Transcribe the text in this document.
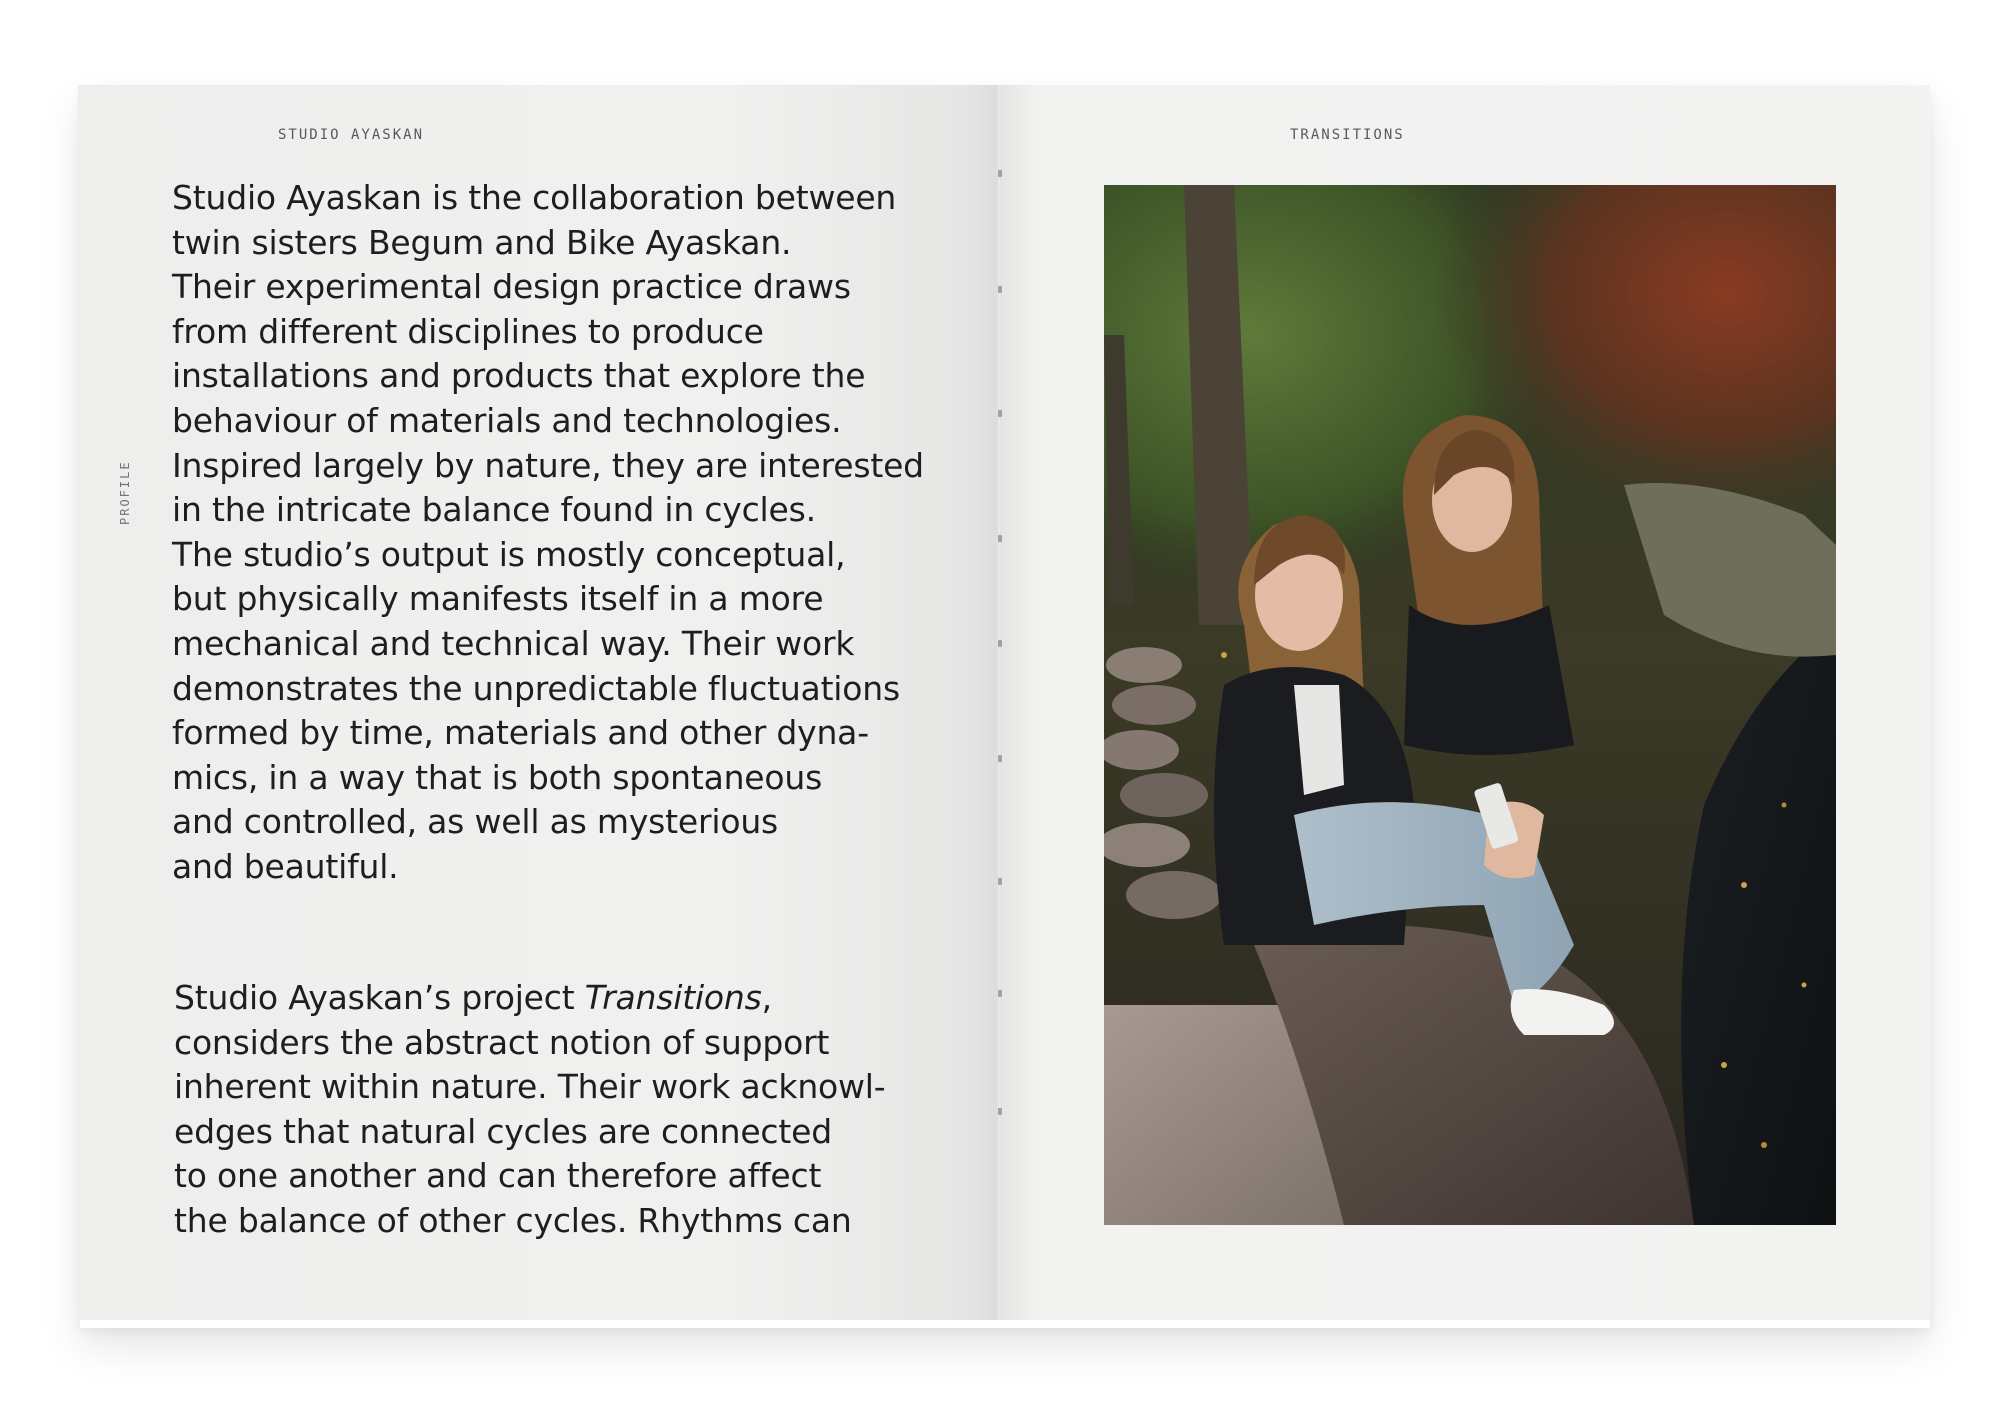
STUDIO AYASKAN	TRANSITIONS

PROFILE

Studio Ayaskan is the collaboration between
twin sisters Begum and Bike Ayaskan.
Their experimental design practice draws
from different disciplines to produce
installations and products that explore the
behaviour of materials and technologies.
Inspired largely by nature, they are interested
in the intricate balance found in cycles.
The studio’s output is mostly conceptual,
but physically manifests itself in a more
mechanical and technical way. Their work
demonstrates the unpredictable fluctuations
formed by time, materials and other dyna-
mics, in a way that is both spontaneous
and controlled, as well as mysterious
and beautiful.

Studio Ayaskan’s project Transitions,
considers the abstract notion of support
inherent within nature. Their work acknowl-
edges that natural cycles are connected
to one another and can therefore affect
the balance of other cycles. Rhythms can
